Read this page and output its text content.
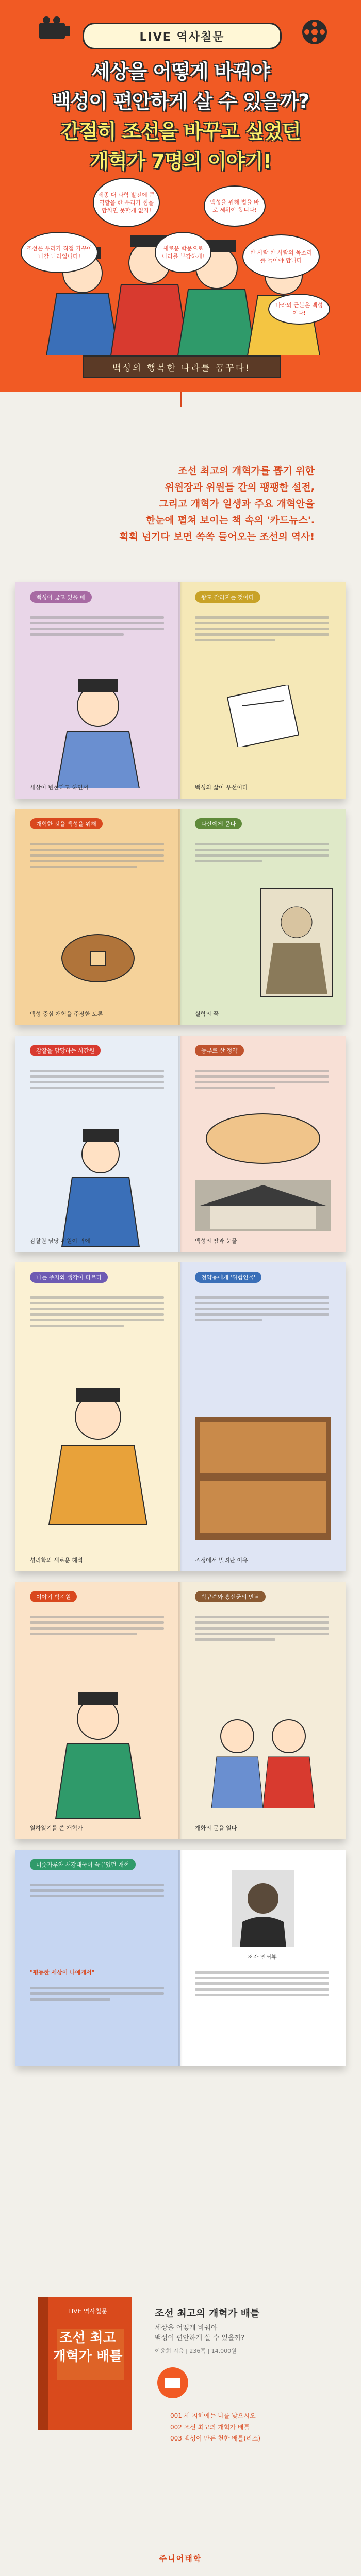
LIVE 역사칠문
세상을 어떻게 바꿔야
백성이 편안하게 살 수 있을까?
간절히 조선을 바꾸고 싶었던
개혁가 7명의 이야기!
세종 대 과학 발전에 큰 역할을 한 우리가 힘을 합치면 못할게 없지!
백성을 위해 법을 바로 세워야 합니다!
조선은 우리가 직접 가꾸어 나갈 나라입니다!
새로운 학문으로 나라를 부강하게!
한 사람 한 사람의 목소리를 들어야 합니다
나라의 근본은 백성이다!
백성의 행복한 나라를 꿈꾸다!
조선 최고의 개혁가를 뽑기 위한
위원장과 위원들 간의 팽팽한 설전,
그리고 개혁가 일생과 주요 개혁안을
한눈에 펼쳐 보이는 책 속의 '카드뉴스'.
획획 넘기다 보면 쏙쏙 들어오는 조선의 역사!
백성이 굶고 있을 때
세상이 변한다고 하면서
왕도 갈라지는 것이다
백성의 삶이 우선이다
개혁한 것을 백성을 위해
백성 중심 개혁을 주장한 토론
다산에게 묻다
실학의 꿈
감찰을 담당하는 사간원
감찰원 담당 위원이 귀에
농부로 산 정약
백성의 땀과 눈물
나는 주자와 생각이 다르다
성리학의 새로운 해석
정약용에게 '위험인물'
조정에서 밀려난 이유
이야기 박지원
열하일기를 쓴 개혁가
박규수와 흥선군의 만남
개화의 문을 열다
미숫가루와 새강대국이 꿈꾸었던 개혁
"평등한 세상이 나에게서"
저자 인터뷰
LIVE 역사칠문
조선 최고 개혁가 배틀
조선 최고의 개혁가 배틀
세상을 어떻게 바꿔야
백성이 편안하게 살 수 있을까?
이윤희 지음 | 236쪽 | 14,000원
001 세 지혜에는 나를 낮으시오
002 조선 최고의 개혁가 배틀
003 백성이 만든 천한 배틀(리스)
주니어태학
